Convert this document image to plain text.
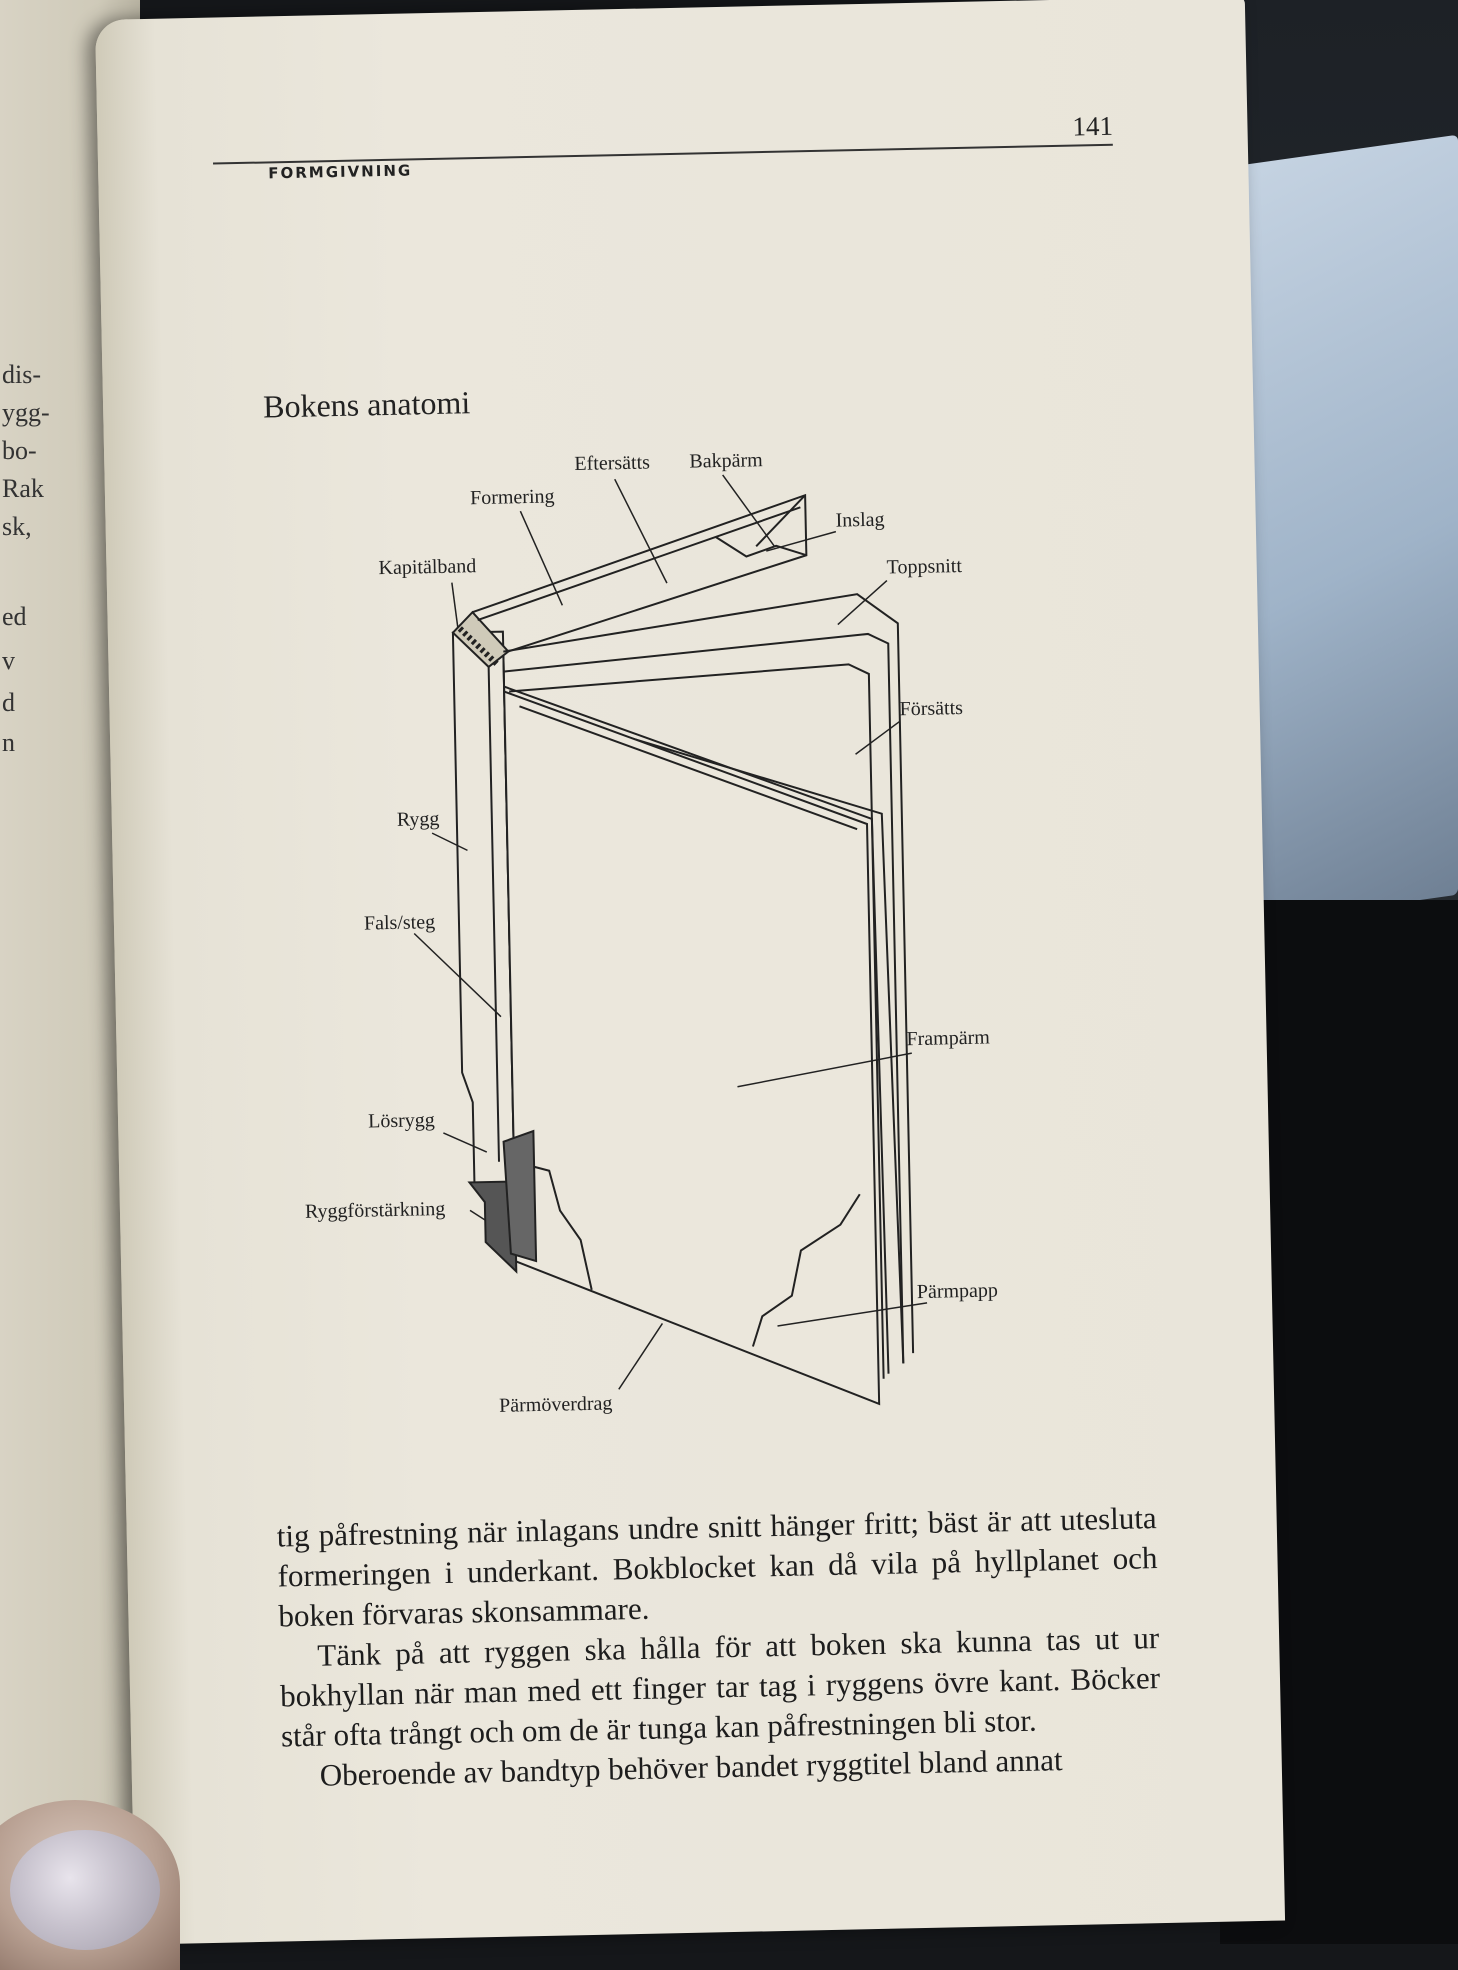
dis-
ygg-
bo-
Rak
sk,
ed
v
d
n
FORMGIVNING
141
Bokens anatomi
Eftersätts Bakpärm
Formering
Inslag
Kapitälband	Toppsnitt
Försätts
Rygg
Fals/steg
Frampärm
Lösrygg
Ryggförstärkning
Pärmpapp
Pärmöverdrag

tig påfrestning när inlagans undre snitt hänger fritt; bäst är att utesluta formeringen i underkant. Bokblocket kan då vila på hyllplanet och boken förvaras skonsammare.

Tänk på att ryggen ska hålla för att boken ska kunna tas ut ur bokhyllan när man med ett finger tar tag i ryggens övre kant. Böcker står ofta trångt och om de är tunga kan påfrestningen bli stor.

Oberoende av bandtyp behöver bandet ryggtitel bland annat
